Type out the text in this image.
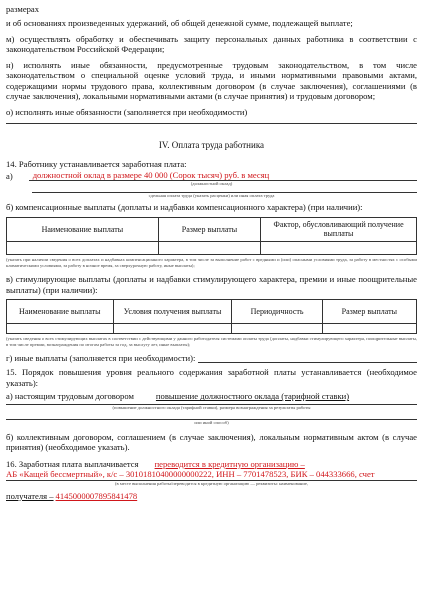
размерах

и об основаниях произведенных удержаний, об общей денежной сумме, подлежащей выплате;

м) осуществлять обработку и обеспечивать защиту персональных данных работника в соответствии с законодательством Российской Федерации;

н) исполнять иные обязанности, предусмотренные трудовым законодательством, в том числе законодательством о специальной оценке условий труда, и иными нормативными правовыми актами, содержащими нормы трудового права, коллективным договором (в случае заключения), соглашениями (в случае заключения), локальными нормативными актами (в случае принятия) и трудовым договором;

о) исполнять иные обязанности (заполняется при необходимости)

IV. Оплата труда работника

14. Работнику устанавливается заработная плата:

а)	должностной оклад в размере 40 000 (Сорок тысяч) руб. в месяц

(должностной оклад)

сдельная оплата труда (указать расценки) или иная оплата труда

б) компенсационные выплаты (доплаты и надбавки компенсационного характера) (при наличии):

Наименование выплаты	Размер выплаты	Фактор, обусловливающий получение выплаты

(указать при наличии сведения о всех доплатах и надбавках компенсационного характера, в том числе за выполнение работ с вредными и (или) опасными условиями труда, за работу в местностях с особыми климатическими условиями, за работу в ночное время, за сверхурочную работу, иные выплаты);

в) стимулирующие выплаты (доплаты и надбавки стимулирующего характера, премии и иные поощрительные выплаты) (при наличии):

Наименование выплаты	Условия получения выплаты	Периодичность	Размер выплаты

(указать сведения о всех стимулирующих выплатах в соответствии с действующими у данного работодателя системами оплаты труда (доплаты, надбавки стимулирующего характера, поощрительные выплаты, в том числе премии, вознаграждения по итогам работы за год, за выслугу лет, иные выплаты);

г) иные выплаты (заполняется при необходимости):

15. Порядок повышения уровня реального содержания заработной платы устанавливается (необходимое указать):

а) настоящим трудовым договором	повышение должностного оклада (тарифной ставки)

(повышение должностного оклада (тарифной ставки), размера вознаграждения за результаты работы

или иной способ)

б) коллективным договором, соглашением (в случае заключения), локальным нормативным актом (в случае принятия) (необходимое указать).

16. Заработная плата выплачивается переводится в кредитную организацию –

АБ «Кащей бессмертный», к/с – 30101810400000000222, ИНН – 7701478523, БИК – 044333666, счет

(в месте выполнения работы/переводится в кредитную организацию — реквизиты: наименование,

получателя – 4145000007895841478
